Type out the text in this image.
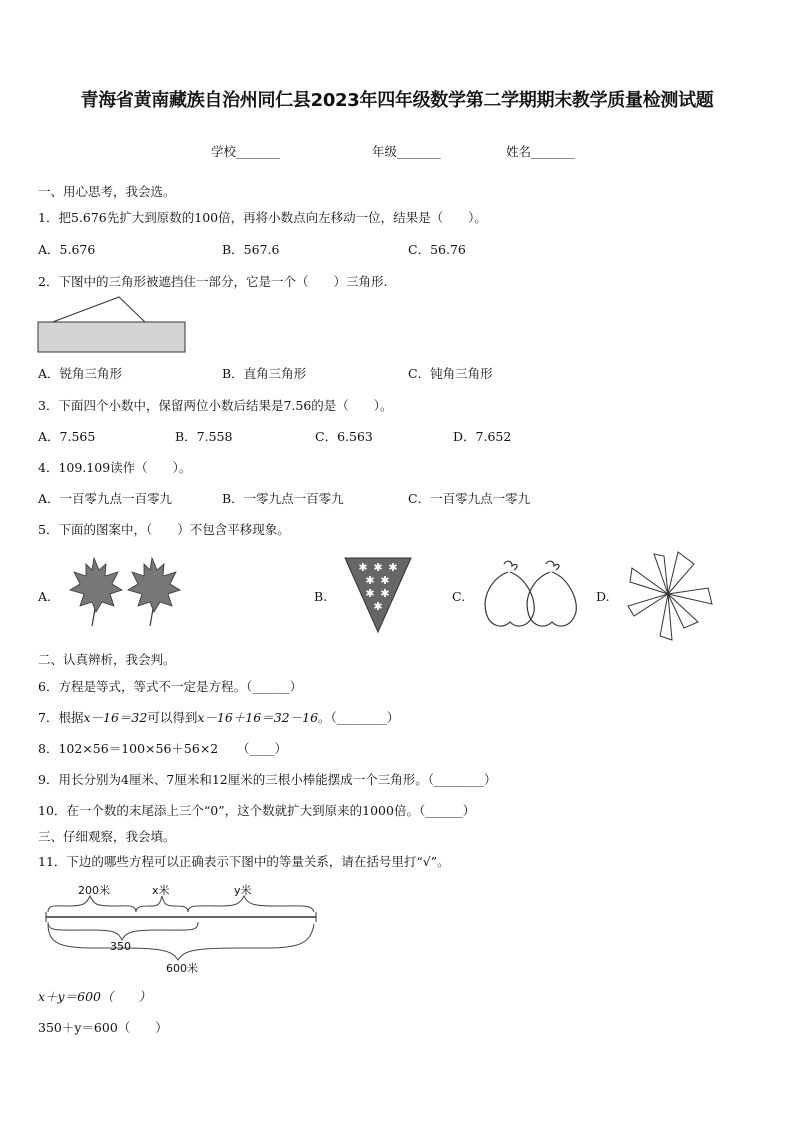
青海省黄南藏族自治州同仁县2023年四年级数学第二学期期末教学质量检测试题
学校_______	年级_______	姓名_______
一、用心思考，我会选。
1．把5.676先扩大到原数的100倍，再将小数点向左移动一位，结果是（　　）。
A．5.676	B．567.6	C．56.76
2．下图中的三角形被遮挡住一部分，它是一个（　　）三角形.
A．锐角三角形	B．直角三角形	C．钝角三角形
3．下面四个小数中，保留两位小数后结果是7.56的是（　　）。
A．7.565	B．7.558	C．6.563	D．7.652
4．109.109读作（　　）。
A．一百零九点一百零九	B．一零九点一百零九	C．一百零九点一零九
5．下面的图案中，（　　）不包含平移现象。
A.	B.
✱ ✱ ✱
✱ ✱
✱ ✱
✱
C.	D.
二、认真辨析，我会判。
6．方程是等式，等式不一定是方程。（______）
7．根据x－16＝32可以得到x－16＋16＝32－16。（________）
8．102×56＝100×56＋56×2　　（____）
9．用长分别为4厘米、7厘米和12厘米的三根小棒能摆成一个三角形。（________）
10．在一个数的末尾添上三个“0”，这个数就扩大到原来的1000倍。（______）
三、仔细观察，我会填。
11．下边的哪些方程可以正确表示下图中的等量关系，请在括号里打“√”。
200米	x米	y米
350
600米
x＋y＝600（　　）
350＋y＝600（　　）
